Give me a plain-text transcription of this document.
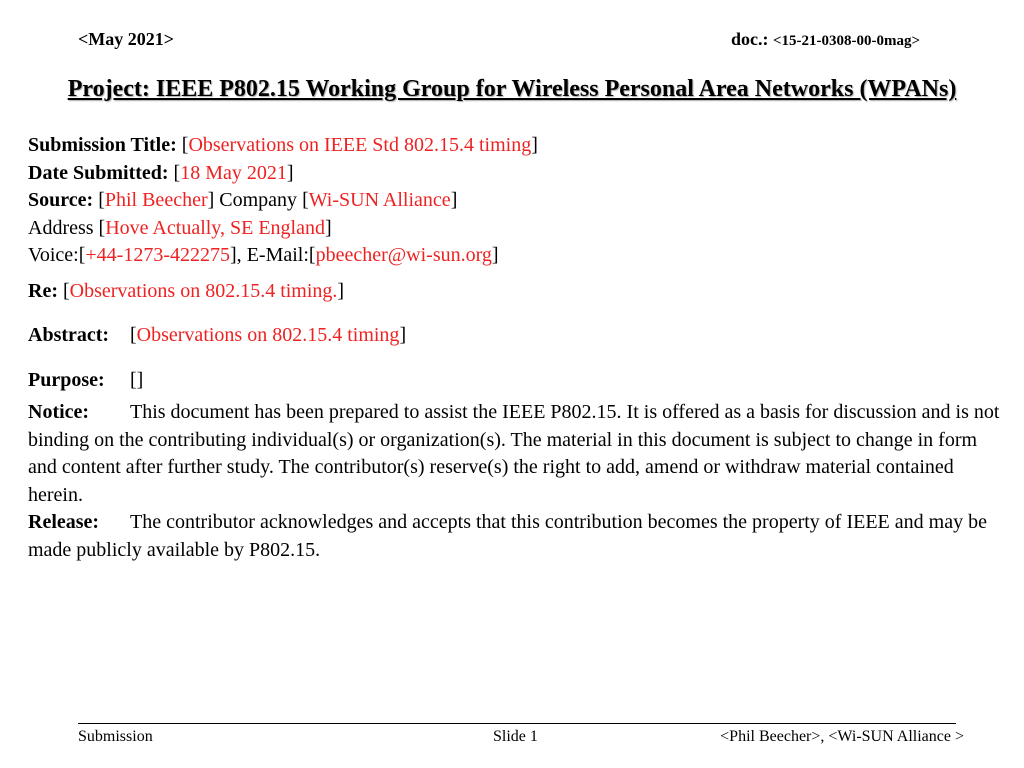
<May 2021>	doc.: <15-21-0308-00-0mag>
Project: IEEE P802.15 Working Group for Wireless Personal Area Networks (WPANs)
Submission Title: [Observations on IEEE Std 802.15.4 timing]
Date Submitted: [18 May 2021]
Source: [Phil Beecher] Company [Wi-SUN Alliance]
Address [Hove Actually, SE England]
Voice:[+44-1273-422275], E-Mail:[pbeecher@wi-sun.org]
Re: [Observations on 802.15.4 timing.]
Abstract: [Observations on 802.15.4 timing]
Purpose: []
Notice: This document has been prepared to assist the IEEE P802.15. It is offered as a basis for discussion and is not binding on the contributing individual(s) or organization(s). The material in this document is subject to change in form and content after further study. The contributor(s) reserve(s) the right to add, amend or withdraw material contained herein.
Release: The contributor acknowledges and accepts that this contribution becomes the property of IEEE and may be made publicly available by P802.15.
Submission	Slide 1	<Phil Beecher>, <Wi-SUN Alliance >
